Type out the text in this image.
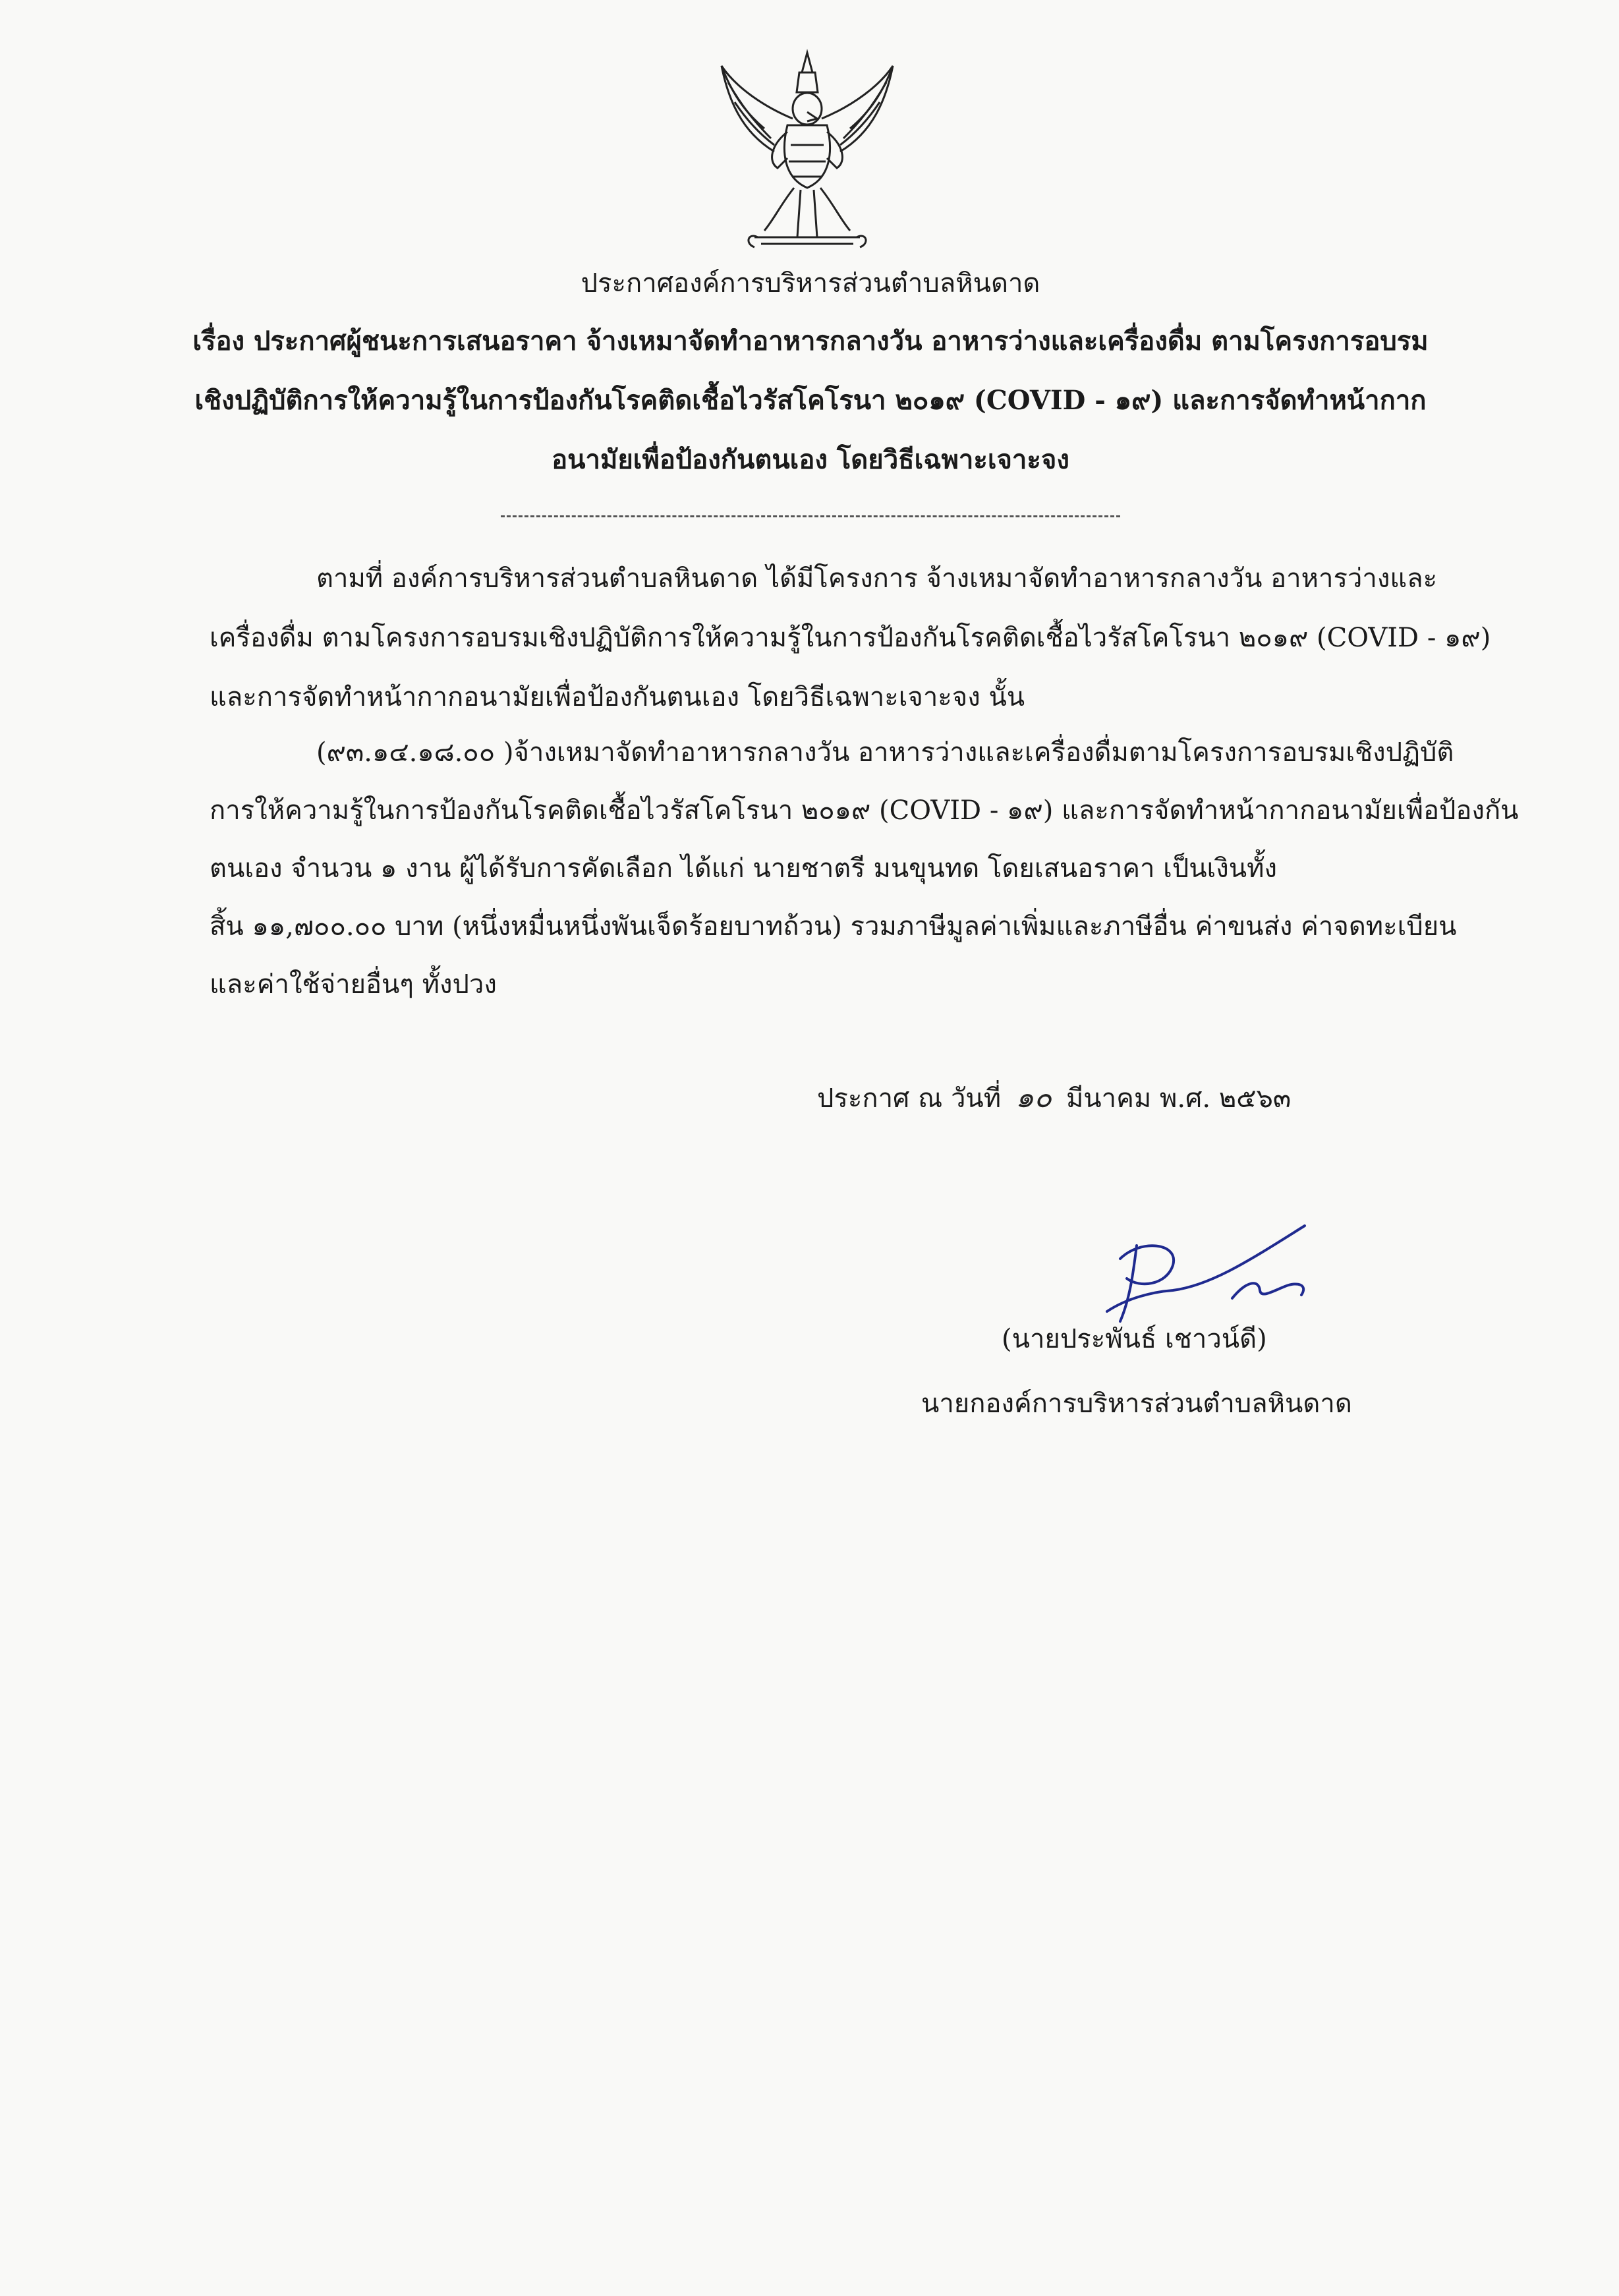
ประกาศองค์การบริหารส่วนตำบลหินดาด
เรื่อง ประกาศผู้ชนะการเสนอราคา จ้างเหมาจัดทำอาหารกลางวัน อาหารว่างและเครื่องดื่ม ตามโครงการอบรม
เชิงปฏิบัติการให้ความรู้ในการป้องกันโรคติดเชื้อไวรัสโคโรนา ๒๐๑๙ (COVID - ๑๙) และการจัดทำหน้ากาก
อนามัยเพื่อป้องกันตนเอง โดยวิธีเฉพาะเจาะจง
ตามที่ องค์การบริหารส่วนตำบลหินดาด ได้มีโครงการ จ้างเหมาจัดทำอาหารกลางวัน อาหารว่างและ
เครื่องดื่ม ตามโครงการอบรมเชิงปฏิบัติการให้ความรู้ในการป้องกันโรคติดเชื้อไวรัสโคโรนา ๒๐๑๙ (COVID - ๑๙)
และการจัดทำหน้ากากอนามัยเพื่อป้องกันตนเอง โดยวิธีเฉพาะเจาะจง นั้น
(๙๓.๑๔.๑๘.๐๐ )จ้างเหมาจัดทำอาหารกลางวัน อาหารว่างและเครื่องดื่มตามโครงการอบรมเชิงปฏิบัติ
การให้ความรู้ในการป้องกันโรคติดเชื้อไวรัสโคโรนา ๒๐๑๙ (COVID - ๑๙) และการจัดทำหน้ากากอนามัยเพื่อป้องกัน
ตนเอง จำนวน ๑ งาน ผู้ได้รับการคัดเลือก ได้แก่ นายชาตรี มนขุนทด โดยเสนอราคา เป็นเงินทั้ง
สิ้น ๑๑,๗๐๐.๐๐ บาท (หนึ่งหมื่นหนึ่งพันเจ็ดร้อยบาทถ้วน) รวมภาษีมูลค่าเพิ่มและภาษีอื่น ค่าขนส่ง ค่าจดทะเบียน
และค่าใช้จ่ายอื่นๆ ทั้งปวง
ประกาศ ณ วันที่ ๑๐ มีนาคม พ.ศ. ๒๕๖๓
(นายประพันธ์ เชาวน์ดี)
นายกองค์การบริหารส่วนตำบลหินดาด
